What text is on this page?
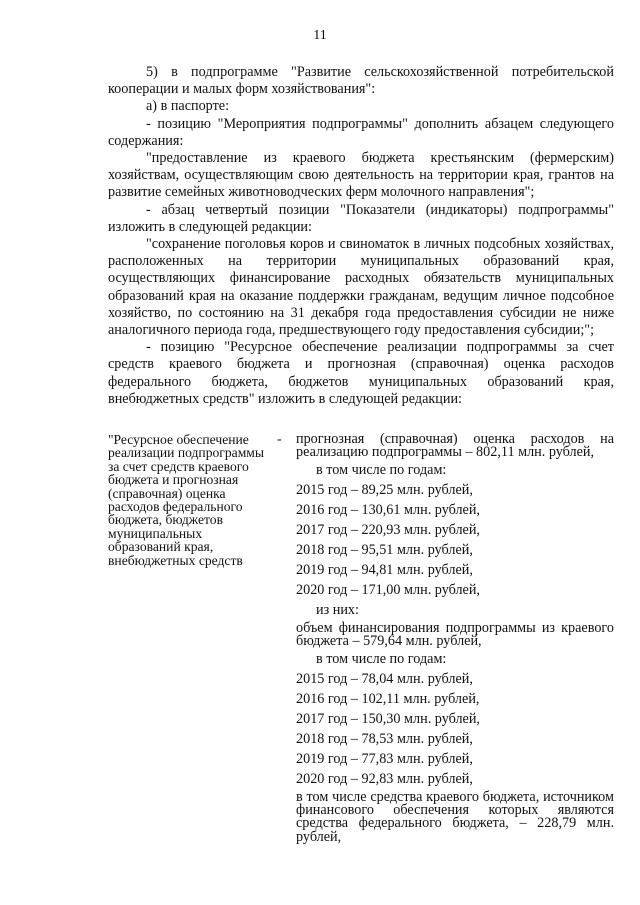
11

5) в подпрограмме "Развитие сельскохозяйственной потребительской кооперации и малых форм хозяйствования":

а) в паспорте:

- позицию "Мероприятия подпрограммы" дополнить абзацем следующего содержания:

"предоставление из краевого бюджета крестьянским (фермерским) хозяйствам, осуществляющим свою деятельность на территории края, грантов на развитие семейных животноводческих ферм молочного направления";

- абзац четвертый позиции "Показатели (индикаторы) подпрограммы" изложить в следующей редакции:

"сохранение поголовья коров и свиноматок в личных подсобных хозяйствах, расположенных на территории муниципальных образований края, осуществляющих финансирование расходных обязательств муниципальных образований края на оказание поддержки гражданам, ведущим личное подсобное хозяйство, по состоянию на 31 декабря года предоставления субсидии не ниже аналогичного периода года, предшествующего году предоставления субсидии;";

- позицию "Ресурсное обеспечение реализации подпрограммы за счет средств краевого бюджета и прогнозная (справочная) оценка расходов федерального бюджета, бюджетов муниципальных образований края, внебюджетных средств" изложить в следующей редакции:

"Ресурсное обеспечение реализации подпрограммы за счет средств краевого бюджета и прогнозная (справочная) оценка расходов федерального бюджета, бюджетов муниципальных образований края, внебюджетных средств
- прогнозная (справочная) оценка расходов на реализацию подпрограммы – 802,11 млн. рублей,

в том числе по годам:
2015 год – 89,25 млн. рублей,
2016 год – 130,61 млн. рублей,
2017 год – 220,93 млн. рублей,
2018 год – 95,51 млн. рублей,
2019 год – 94,81 млн. рублей,
2020 год – 171,00 млн. рублей,
из них:

объем финансирования подпрограммы из краевого бюджета – 579,64 млн. рублей,

в том числе по годам:
2015 год – 78,04 млн. рублей,
2016 год – 102,11 млн. рублей,
2017 год – 150,30 млн. рублей,
2018 год – 78,53 млн. рублей,
2019 год – 77,83 млн. рублей,
2020 год – 92,83 млн. рублей,

в том числе средства краевого бюджета, источником финансового обеспечения которых являются средства федерального бюджета, – 228,79 млн. рублей,
